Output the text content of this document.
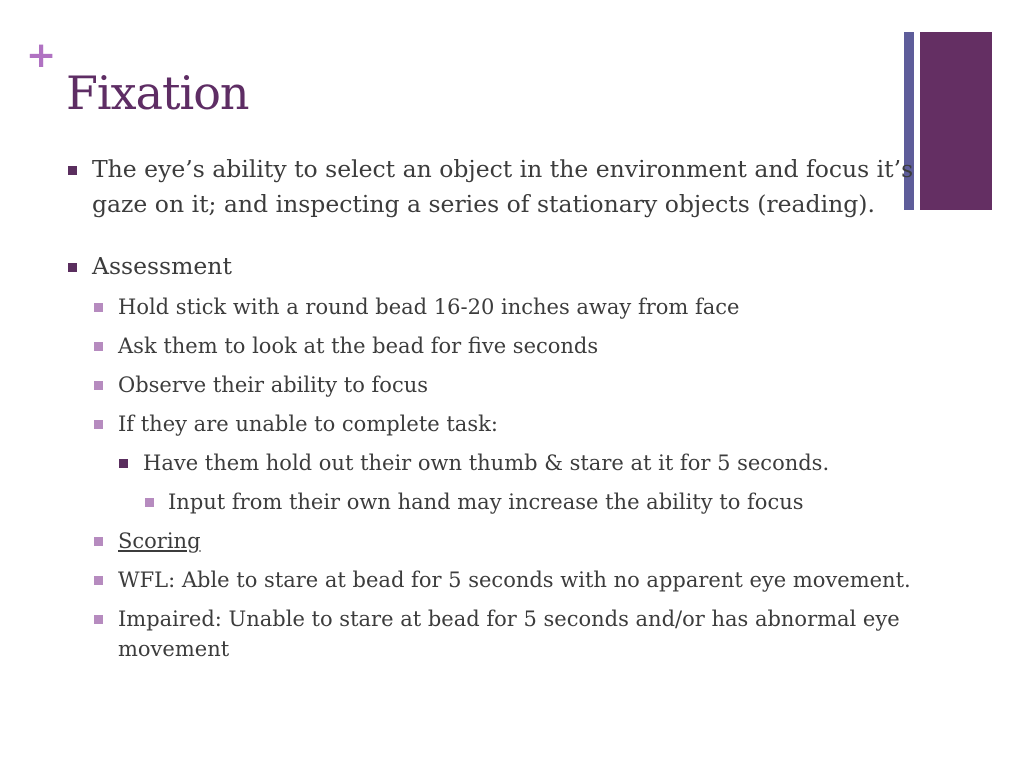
+
Fixation
The eye’s ability to select an object in the environment and focus it’s gaze on it; and inspecting a series of stationary objects (reading).
Assessment
Hold stick with a round bead 16-20 inches away from face
Ask them to look at the bead for five seconds
Observe their ability to focus
If they are unable to complete task:
Have them hold out their own thumb & stare at it for 5 seconds.
Input from their own hand may increase the ability to focus
Scoring
WFL: Able to stare at bead for 5 seconds with no apparent eye movement.
Impaired: Unable to stare at bead for 5 seconds and/or has abnormal eye movement
